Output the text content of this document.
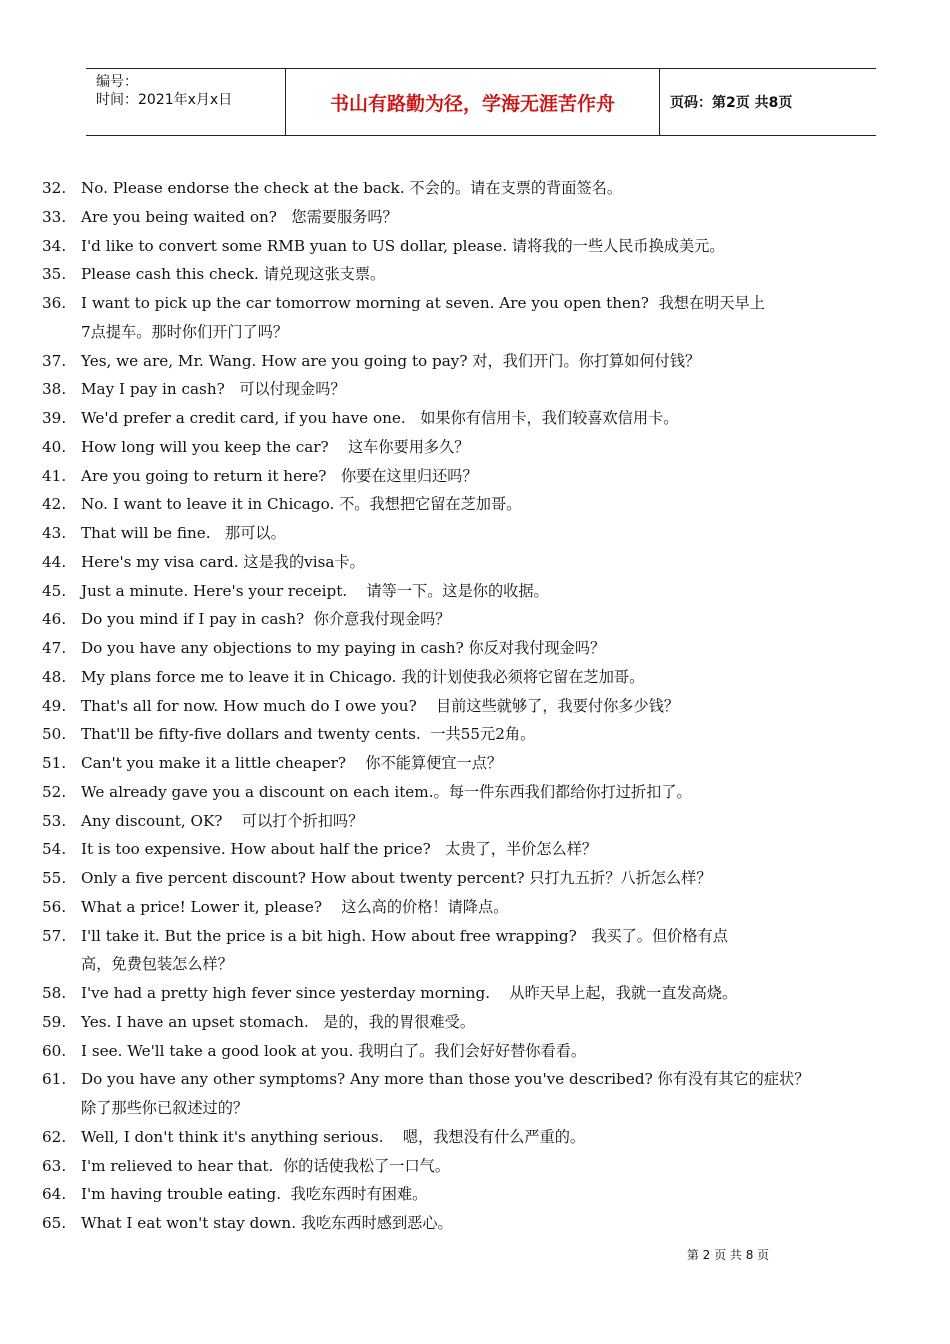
编号：
时间：2021年x月x日	书山有路勤为径，学海无涯苦作舟	页码：第2页 共8页
32. No. Please endorse the check at the back. 不会的。请在支票的背面签名。
33. Are you being waited on?   您需要服务吗？
34. I'd like to convert some RMB yuan to US dollar, please. 请将我的一些人民币换成美元。
35. Please cash this check. 请兑现这张支票。
36. I want to pick up the car tomorrow morning at seven. Are you open then?  我想在明天早上
7点提车。那时你们开门了吗？
37. Yes, we are, Mr. Wang. How are you going to pay? 对，我们开门。你打算如何付钱？
38. May I pay in cash?   可以付现金吗？
39. We'd prefer a credit card, if you have one.   如果你有信用卡，我们较喜欢信用卡。
40. How long will you keep the car?    这车你要用多久？
41. Are you going to return it here?   你要在这里归还吗？
42. No. I want to leave it in Chicago. 不。我想把它留在芝加哥。
43. That will be fine.   那可以。
44. Here's my visa card. 这是我的visa卡。
45. Just a minute. Here's your receipt.    请等一下。这是你的收据。
46. Do you mind if I pay in cash?  你介意我付现金吗？
47. Do you have any objections to my paying in cash? 你反对我付现金吗？
48. My plans force me to leave it in Chicago. 我的计划使我必须将它留在芝加哥。
49. That's all for now. How much do I owe you?    目前这些就够了，我要付你多少钱？
50. That'll be fifty-five dollars and twenty cents.  一共55元2角。
51. Can't you make it a little cheaper?    你不能算便宜一点？
52. We already gave you a discount on each item.。每一件东西我们都给你打过折扣了。
53. Any discount, OK?    可以打个折扣吗？
54. It is too expensive. How about half the price?   太贵了，半价怎么样？
55. Only a five percent discount? How about twenty percent? 只打九五折？八折怎么样？
56. What a price! Lower it, please?    这么高的价格！请降点。
57. I'll take it. But the price is a bit high. How about free wrapping?   我买了。但价格有点
高，免费包装怎么样？
58. I've had a pretty high fever since yesterday morning.    从昨天早上起，我就一直发高烧。
59. Yes. I have an upset stomach.   是的，我的胃很难受。
60. I see. We'll take a good look at you. 我明白了。我们会好好替你看看。
61. Do you have any other symptoms? Any more than those you've described? 你有没有其它的症状？
除了那些你已叙述过的？
62. Well, I don't think it's anything serious.    嗯，我想没有什么严重的。
63. I'm relieved to hear that.  你的话使我松了一口气。
64. I'm having trouble eating.  我吃东西时有困难。
65. What I eat won't stay down. 我吃东西时感到恶心。
第 2 页 共 8 页
